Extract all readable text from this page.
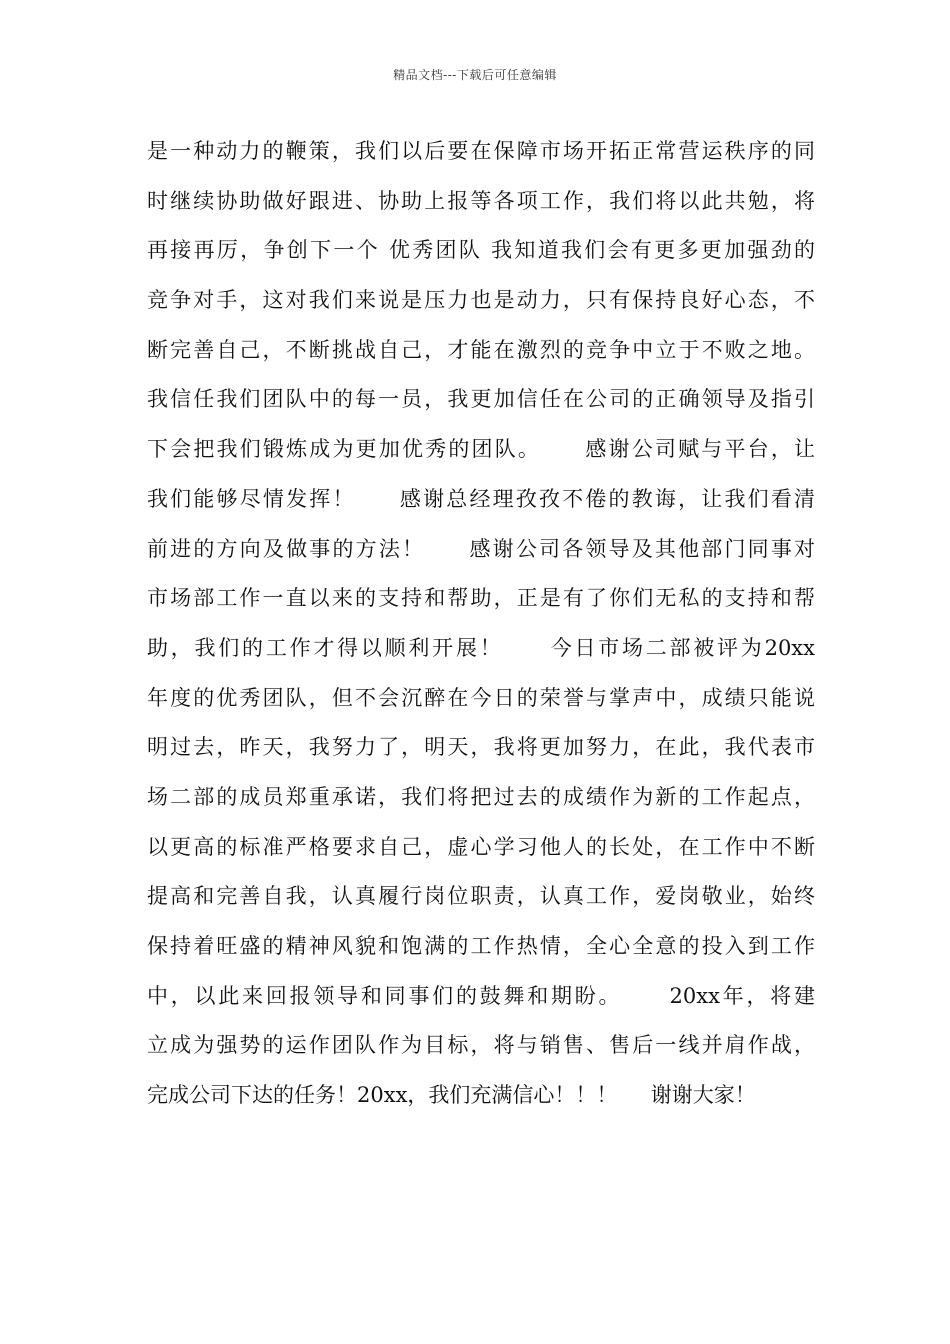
精品文档---下载后可任意编辑
是一种动力的鞭策，我们以后要在保障市场开拓正常营运秩序的同
时继续协助做好跟进、协助上报等各项工作，我们将以此共勉，将
再接再厉，争创下一个 优秀团队 我知道我们会有更多更加强劲的
竞争对手，这对我们来说是压力也是动力，只有保持良好心态，不
断完善自己，不断挑战自己，才能在激烈的竞争中立于不败之地。
我信任我们团队中的每一员，我更加信任在公司的正确领导及指引
下会把我们锻炼成为更加优秀的团队。     感谢公司赋与平台，让
我们能够尽情发挥！     感谢总经理孜孜不倦的教诲，让我们看清
前进的方向及做事的方法！     感谢公司各领导及其他部门同事对
市场部工作一直以来的支持和帮助，正是有了你们无私的支持和帮
助，我们的工作才得以顺利开展！     今日市场二部被评为20xx
年度的优秀团队，但不会沉醉在今日的荣誉与掌声中，成绩只能说
明过去，昨天，我努力了，明天，我将更加努力，在此，我代表市
场二部的成员郑重承诺，我们将把过去的成绩作为新的工作起点，
以更高的标准严格要求自己，虚心学习他人的长处，在工作中不断
提高和完善自我，认真履行岗位职责，认真工作，爱岗敬业，始终
保持着旺盛的精神风貌和饱满的工作热情，全心全意的投入到工作
中，以此来回报领导和同事们的鼓舞和期盼。     20xx年，将建
立成为强势的运作团队作为目标，将与销售、售后一线并肩作战，
完成公司下达的任务！20xx，我们充满信心！！！     谢谢大家！
